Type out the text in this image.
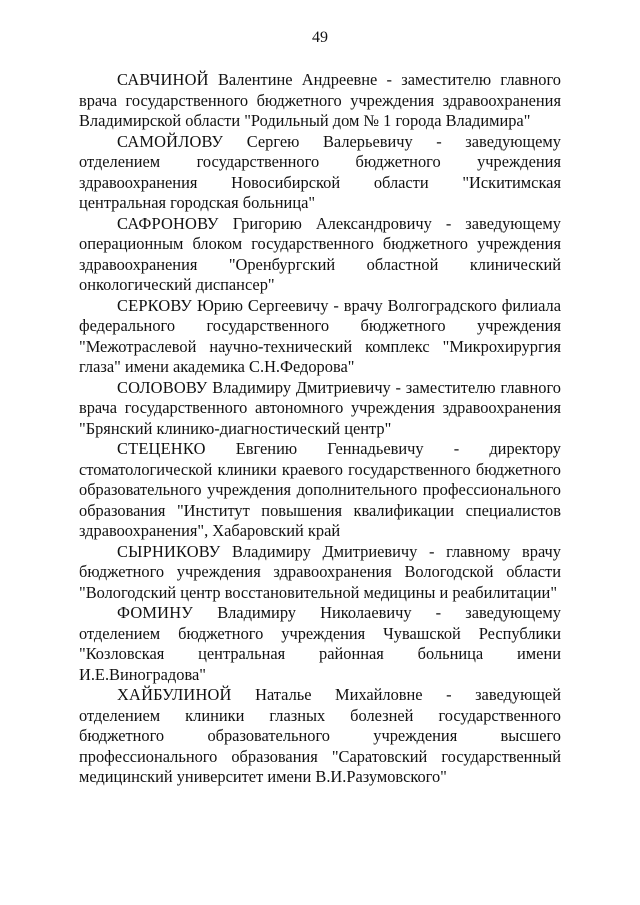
49

САВЧИНОЙ Валентине Андреевне - заместителю главного врача государственного бюджетного учреждения здравоохранения Владимирской области "Родильный дом № 1 города Владимира"

САМОЙЛОВУ Сергею Валерьевичу - заведующему отделением государственного бюджетного учреждения здравоохранения Новосибирской области "Искитимская центральная городская больница"

САФРОНОВУ Григорию Александровичу - заведующему операционным блоком государственного бюджетного учреждения здравоохранения "Оренбургский областной клинический онкологический диспансер"

СЕРКОВУ Юрию Сергеевичу - врачу Волгоградского филиала федерального государственного бюджетного учреждения "Межотраслевой научно-технический комплекс "Микрохирургия глаза" имени академика С.Н.Федорова"

СОЛОВОВУ Владимиру Дмитриевичу - заместителю главного врача государственного автономного учреждения здравоохранения "Брянский клинико-диагностический центр"

СТЕЦЕНКО Евгению Геннадьевичу - директору стоматологической клиники краевого государственного бюджетного образовательного учреждения дополнительного профессионального образования "Институт повышения квалификации специалистов здравоохранения", Хабаровский край

СЫРНИКОВУ Владимиру Дмитриевичу - главному врачу бюджетного учреждения здравоохранения Вологодской области "Вологодский центр восстановительной медицины и реабилитации"

ФОМИНУ Владимиру Николаевичу - заведующему отделением бюджетного учреждения Чувашской Республики "Козловская центральная районная больница имени И.Е.Виноградова"

ХАЙБУЛИНОЙ Наталье Михайловне - заведующей отделением клиники глазных болезней государственного бюджетного образовательного учреждения высшего профессионального образования "Саратовский государственный медицинский университет имени В.И.Разумовского"
